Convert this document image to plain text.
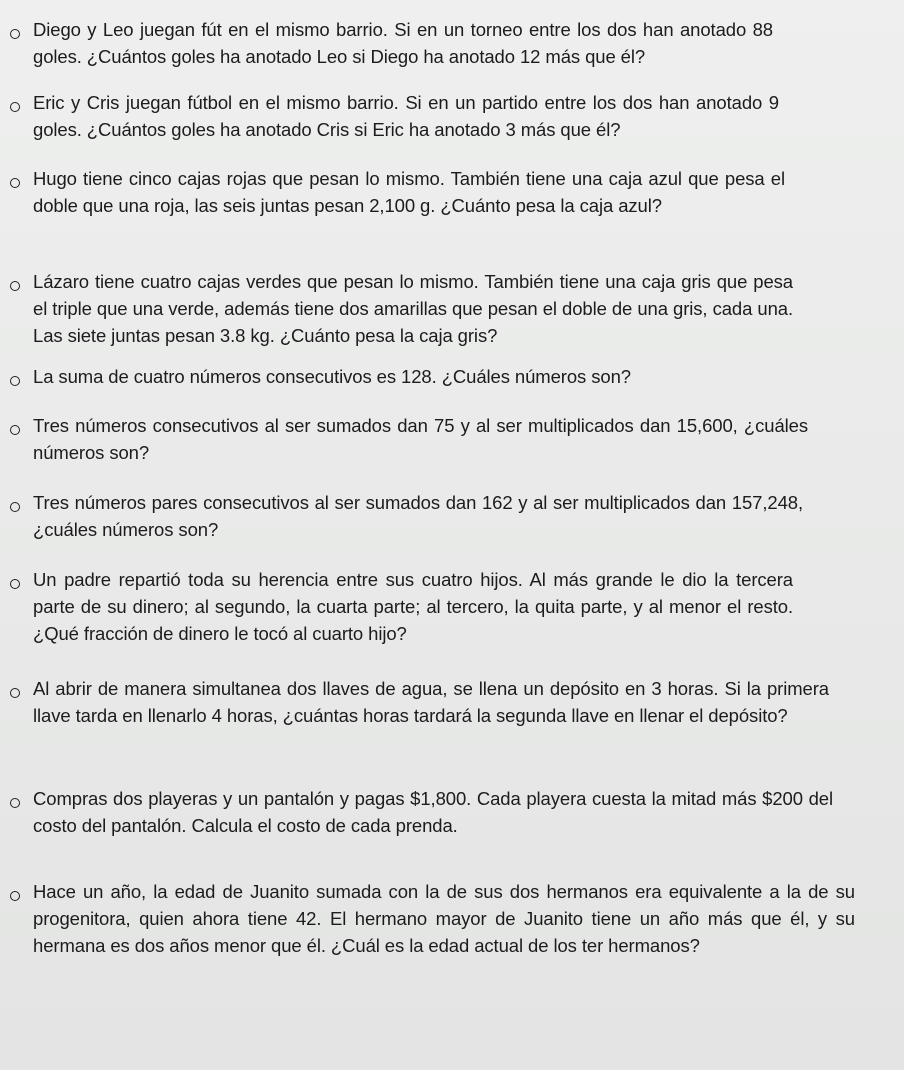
Diego y Leo juegan fút en el mismo barrio. Si en un torneo entre los dos han anotado 88 goles. ¿Cuántos goles ha anotado Leo si Diego ha anotado 12 más que él?
Eric y Cris juegan fútbol en el mismo barrio. Si en un partido entre los dos han anotado 9 goles. ¿Cuántos goles ha anotado Cris si Eric ha anotado 3 más que él?
Hugo tiene cinco cajas rojas que pesan lo mismo. También tiene una caja azul que pesa el doble que una roja, las seis juntas pesan 2,100 g. ¿Cuánto pesa la caja azul?
Lázaro tiene cuatro cajas verdes que pesan lo mismo. También tiene una caja gris que pesa el triple que una verde, además tiene dos amarillas que pesan el doble de una gris, cada una. Las siete juntas pesan 3.8 kg. ¿Cuánto pesa la caja gris?
La suma de cuatro números consecutivos es 128. ¿Cuáles números son?
Tres números consecutivos al ser sumados dan 75 y al ser multiplicados dan 15,600, ¿cuáles números son?
Tres números pares consecutivos al ser sumados dan 162 y al ser multiplicados dan 157,248, ¿cuáles números son?
Un padre repartió toda su herencia entre sus cuatro hijos. Al más grande le dio la tercera parte de su dinero; al segundo, la cuarta parte; al tercero, la quita parte, y al menor el resto. ¿Qué fracción de dinero le tocó al cuarto hijo?
Al abrir de manera simultanea dos llaves de agua, se llena un depósito en 3 horas. Si la primera llave tarda en llenarlo 4 horas, ¿cuántas horas tardará la segunda llave en llenar el depósito?
Compras dos playeras y un pantalón y pagas $1,800. Cada playera cuesta la mitad más $200 del costo del pantalón. Calcula el costo de cada prenda.
Hace un año, la edad de Juanito sumada con la de sus dos hermanos era equivalente a la de su progenitora, quien ahora tiene 42. El hermano mayor de Juanito tiene un año más que él, y su hermana es dos años menor que él. ¿Cuál es la edad actual de los ter hermanos?
